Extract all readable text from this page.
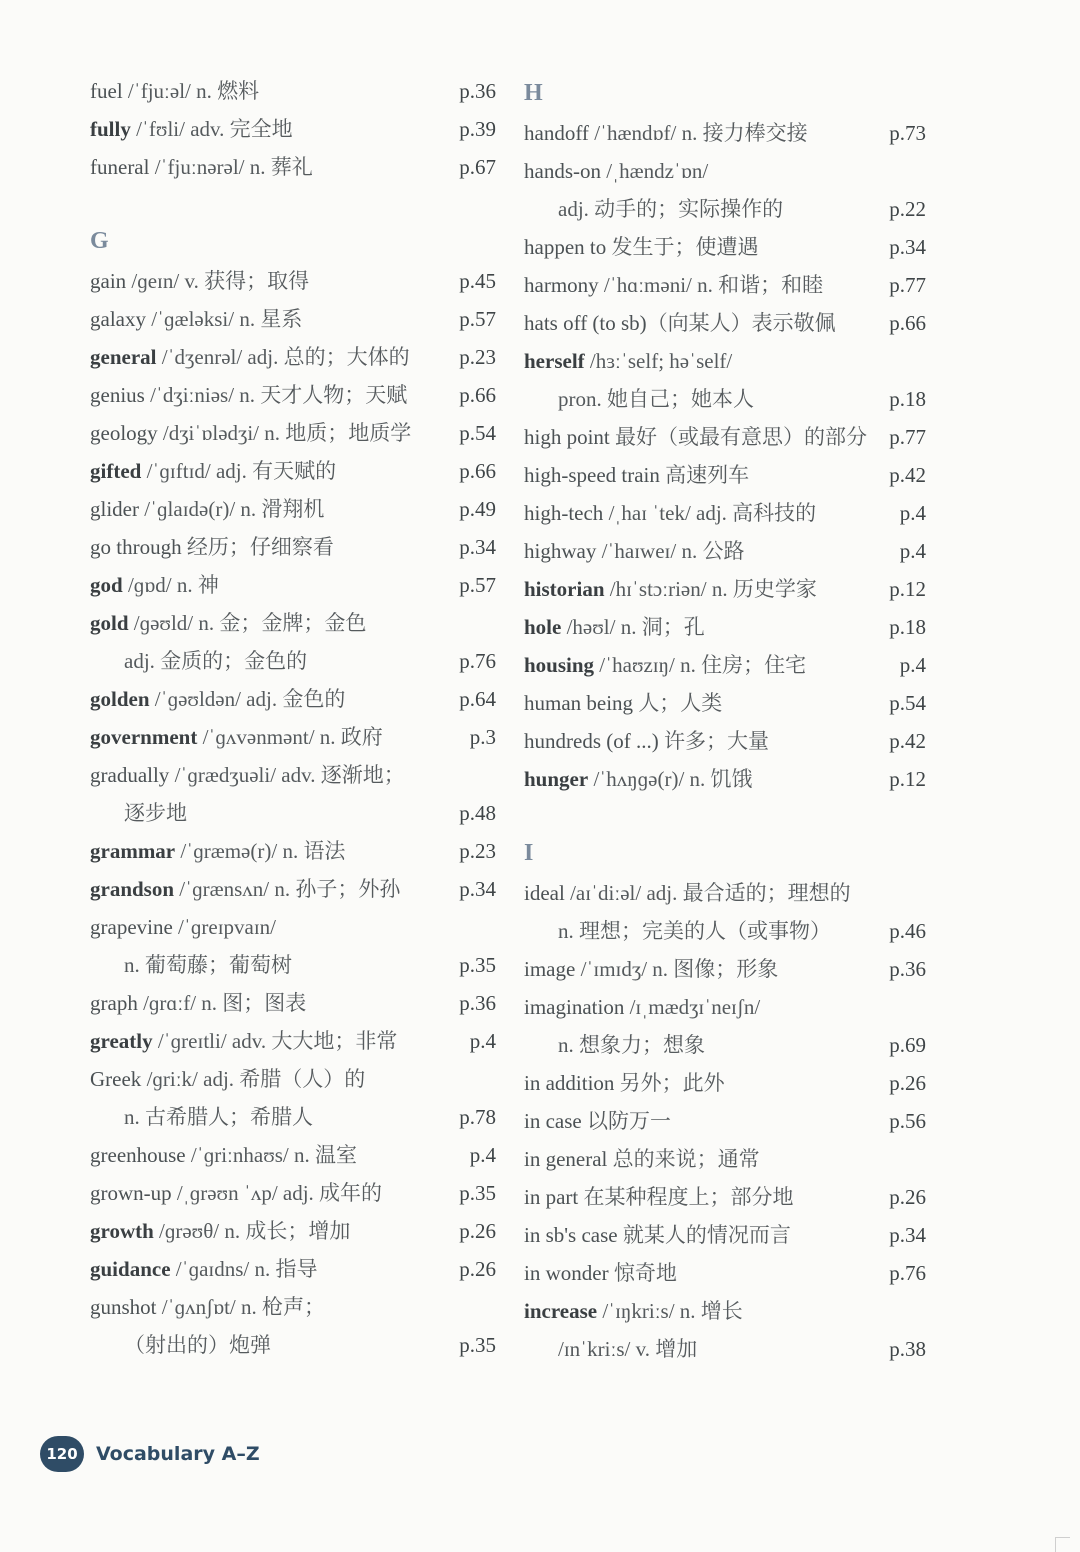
fuel /ˈfjuːəl/ n. 燃料	p.36
fully /ˈfʊli/ adv. 完全地	p.39
funeral /ˈfjuːnərəl/ n. 葬礼	p.67
G
gain /ɡeɪn/ v. 获得；取得	p.45
galaxy /ˈɡæləksi/ n. 星系	p.57
general /ˈdʒenrəl/ adj. 总的；大体的 p.23
genius /ˈdʒiːniəs/ n. 天才人物；天赋 p.66
geology /dʒiˈɒlədʒi/ n. 地质；地质学 p.54
gifted /ˈɡɪftɪd/ adj. 有天赋的	p.66
glider /ˈɡlaɪdə(r)/ n. 滑翔机	p.49
go through 经历；仔细察看	p.34
god /ɡɒd/ n. 神	p.57
gold /ɡəʊld/ n. 金；金牌；金色
adj. 金质的；金色的	p.76
golden /ˈɡəʊldən/ adj. 金色的	p.64
government /ˈɡʌvənmənt/ n. 政府	p.3
gradually /ˈɡrædʒuəli/ adv. 逐渐地；
逐步地	p.48
grammar /ˈɡræmə(r)/ n. 语法	p.23
grandson /ˈɡrænsʌn/ n. 孙子；外孙	p.34
grapevine /ˈɡreɪpvaɪn/
n. 葡萄藤；葡萄树	p.35
graph /ɡrɑːf/ n. 图；图表	p.36
greatly /ˈɡreɪtli/ adv. 大大地；非常	p.4
Greek /ɡriːk/ adj. 希腊（人）的
n. 古希腊人；希腊人	p.78
greenhouse /ˈɡriːnhaʊs/ n. 温室	p.4
grown-up /ˌɡrəʊn ˈʌp/ adj. 成年的	p.35
growth /ɡrəʊθ/ n. 成长；增加	p.26
guidance /ˈɡaɪdns/ n. 指导	p.26
gunshot /ˈɡʌnʃɒt/ n. 枪声；
（射出的）炮弹	p.35
H
handoff /ˈhændɒf/ n. 接力棒交接	p.73
hands-on /ˌhændzˈɒn/
adj. 动手的；实际操作的	p.22
happen to 发生于；使遭遇	p.34
harmony /ˈhɑːməni/ n. 和谐；和睦	p.77
hats off (to sb)（向某人）表示敬佩	p.66
herself /hɜːˈself; həˈself/
pron. 她自己；她本人	p.18
high point 最好（或最有意思）的部分 p.77
high-speed train 高速列车	p.42
high-tech /ˌhaɪ ˈtek/ adj. 高科技的	p.4
highway /ˈhaɪweɪ/ n. 公路	p.4
historian /hɪˈstɔːriən/ n. 历史学家	p.12
hole /həʊl/ n. 洞；孔	p.18
housing /ˈhaʊzɪŋ/ n. 住房；住宅	p.4
human being 人；人类	p.54
hundreds (of ...) 许多；大量	p.42
hunger /ˈhʌŋɡə(r)/ n. 饥饿	p.12
I
ideal /aɪˈdiːəl/ adj. 最合适的；理想的
n. 理想；完美的人（或事物）	p.46
image /ˈɪmɪdʒ/ n. 图像；形象	p.36
imagination /ɪˌmædʒɪˈneɪʃn/
n. 想象力；想象	p.69
in addition 另外；此外	p.26
in case 以防万一	p.56
in general 总的来说；通常
in part 在某种程度上；部分地	p.26
in sb's case 就某人的情况而言	p.34
in wonder 惊奇地	p.76
increase /ˈɪŋkriːs/ n. 增长
/ɪnˈkriːs/ v. 增加	p.38
120 Vocabulary A–Z
